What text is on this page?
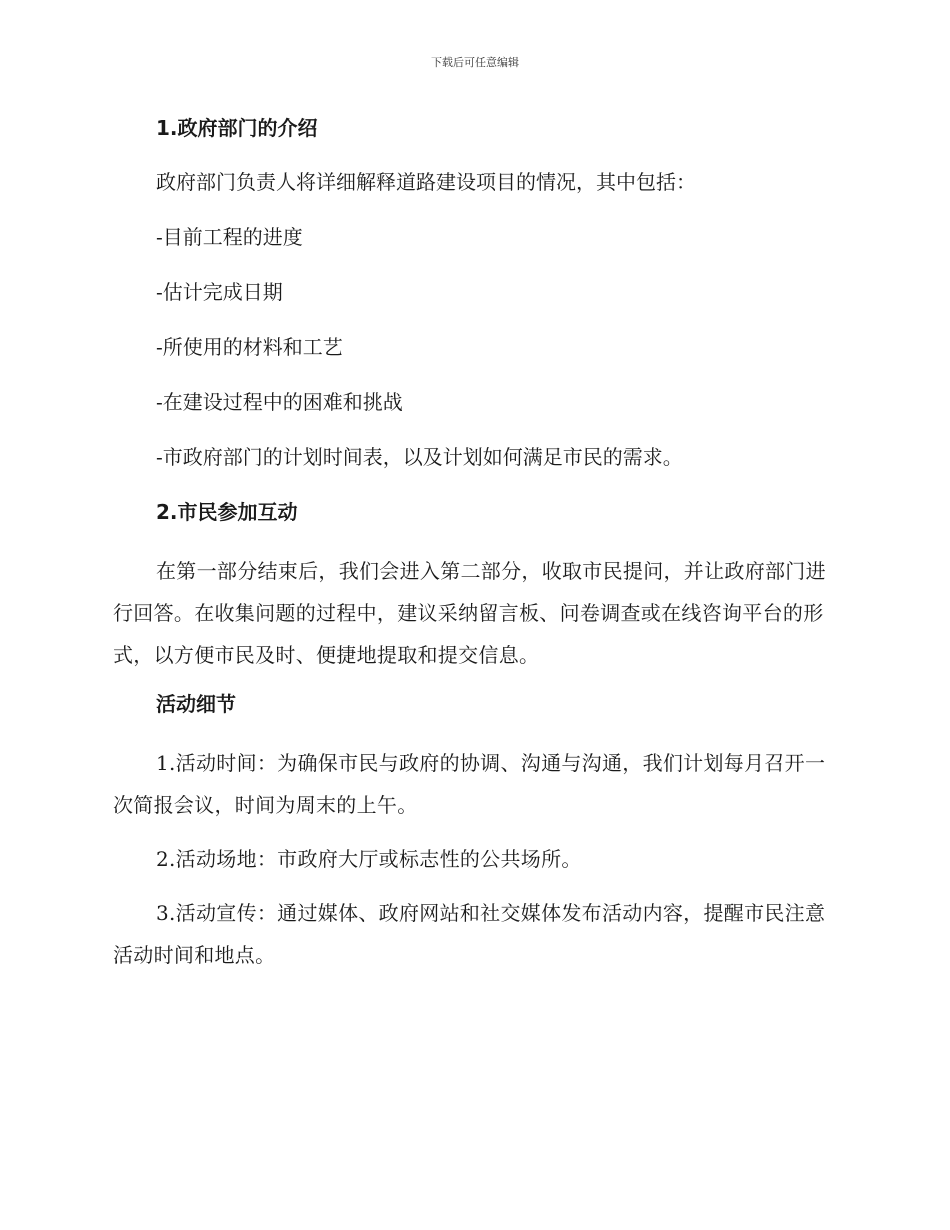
下载后可任意编辑
1.政府部门的介绍
政府部门负责人将详细解释道路建设项目的情况，其中包括：
-目前工程的进度
-估计完成日期
-所使用的材料和工艺
-在建设过程中的困难和挑战
-市政府部门的计划时间表，以及计划如何满足市民的需求。
2.市民参加互动
在第一部分结束后，我们会进入第二部分，收取市民提问，并让政府部门进行回答。在收集问题的过程中，建议采纳留言板、问卷调查或在线咨询平台的形式，以方便市民及时、便捷地提取和提交信息。
活动细节
1.活动时间：为确保市民与政府的协调、沟通与沟通，我们计划每月召开一次简报会议，时间为周末的上午。
2.活动场地：市政府大厅或标志性的公共场所。
3.活动宣传：通过媒体、政府网站和社交媒体发布活动内容，提醒市民注意活动时间和地点。
